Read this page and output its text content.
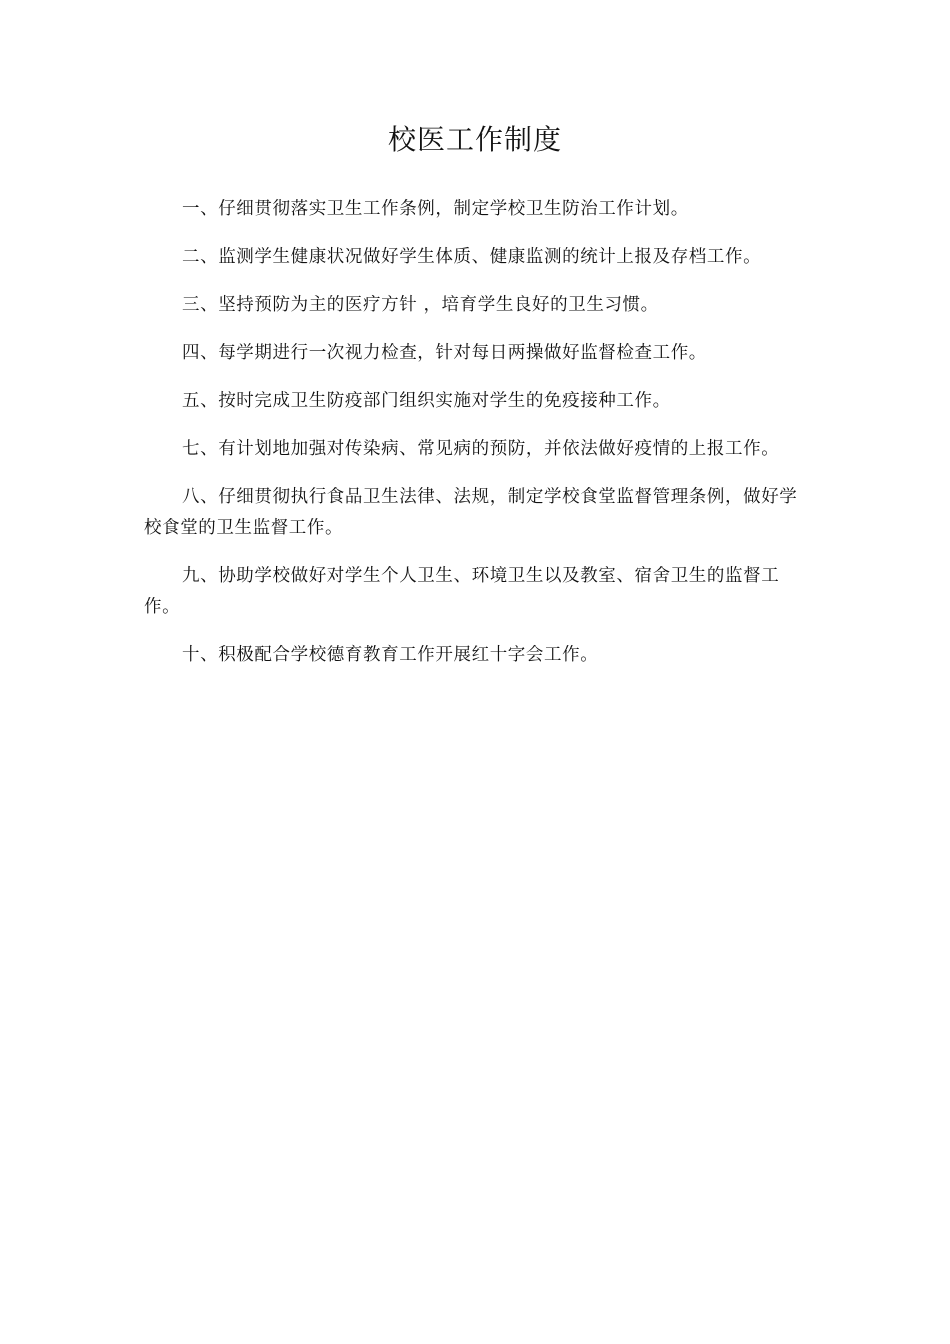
校医工作制度

一、仔细贯彻落实卫生工作条例，制定学校卫生防治工作计划。

二、监测学生健康状况做好学生体质、健康监测的统计上报及存档工作。

三、坚持预防为主的医疗方针 ，培育学生良好的卫生习惯。

四、每学期进行一次视力检查，针对每日两操做好监督检查工作。

五、按时完成卫生防疫部门组织实施对学生的免疫接种工作。

七、有计划地加强对传染病、常见病的预防，并依法做好疫情的上报工作。

八、仔细贯彻执行食品卫生法律、法规，制定学校食堂监督管理条例，做好学校食堂的卫生监督工作。

九、协助学校做好对学生个人卫生、环境卫生以及教室、宿舍卫生的监督工作。

十、积极配合学校德育教育工作开展红十字会工作。
